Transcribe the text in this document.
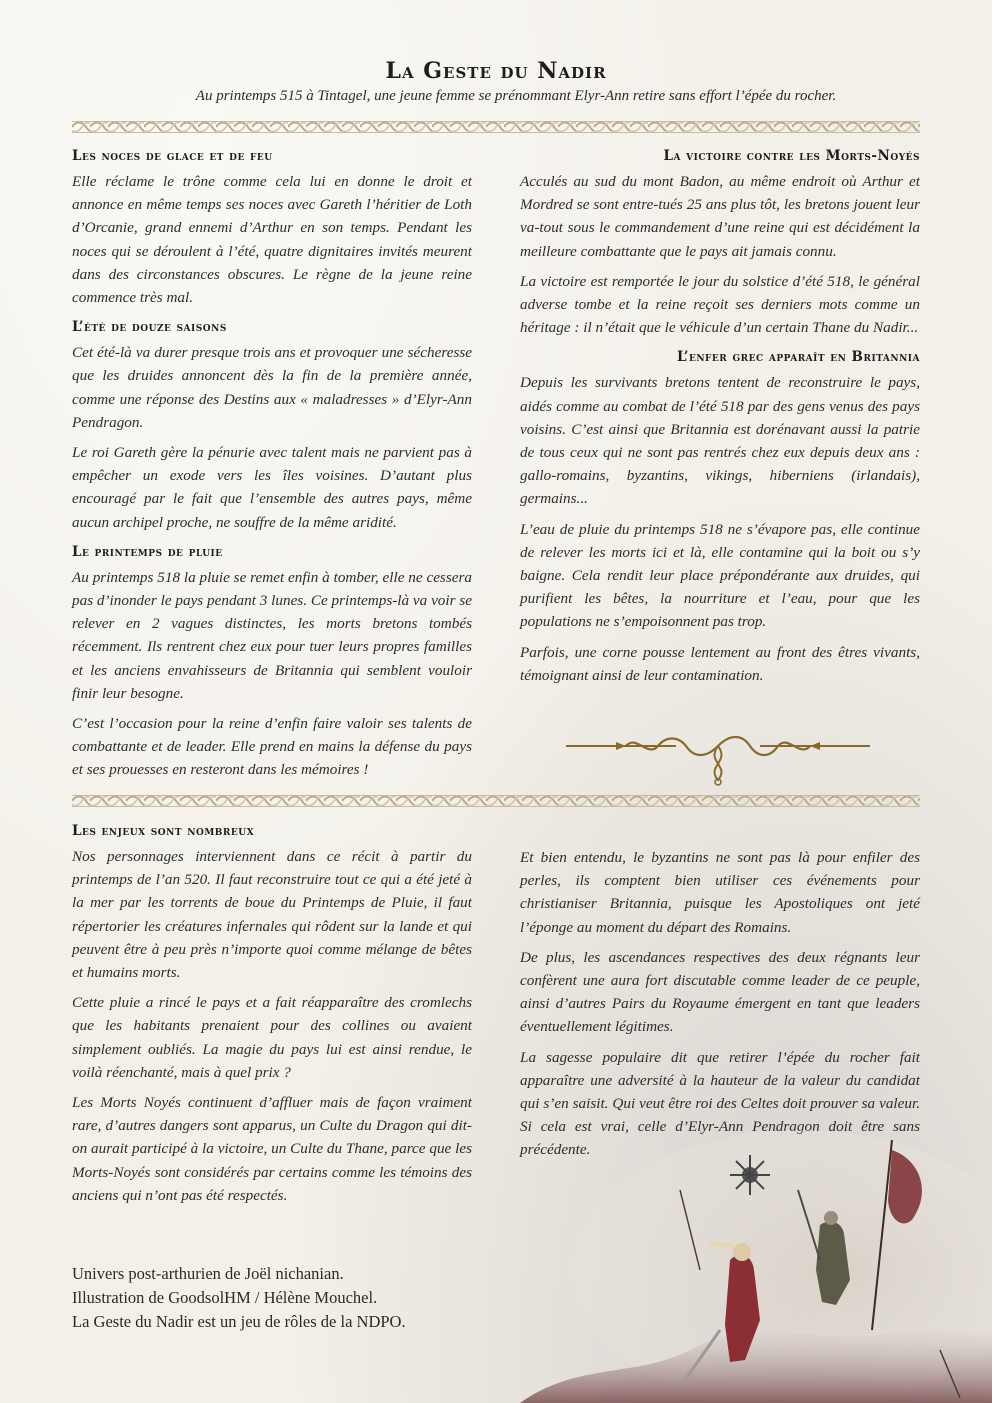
La Geste du Nadir
Au printemps 515 à Tintagel, une jeune femme se prénommant Elyr-Ann retire sans effort l’épée du rocher.
Les noces de glace et de feu

Elle réclame le trône comme cela lui en donne le droit et annonce en même temps ses noces avec Gareth l’héritier de Loth d’Orcanie, grand ennemi d’Arthur en son temps. Pendant les noces qui se déroulent à l’été, quatre dignitaires invités meurent dans des circonstances obscures. Le règne de la jeune reine commence très mal.

L’été de douze saisons

Cet été-là va durer presque trois ans et provoquer une sécheresse que les druides annoncent dès la fin de la première année, comme une réponse des Destins aux « maladresses » d’Elyr-Ann Pendragon.

Le roi Gareth gère la pénurie avec talent mais ne parvient pas à empêcher un exode vers les îles voisines. D’autant plus encouragé par le fait que l’ensemble des autres pays, même aucun archipel proche, ne souffre de la même aridité.

Le printemps de pluie

Au printemps 518 la pluie se remet enfin à tomber, elle ne cessera pas d’inonder le pays pendant 3 lunes. Ce printemps-là va voir se relever en 2 vagues distinctes, les morts bretons tombés récemment. Ils rentrent chez eux pour tuer leurs propres familles et les anciens envahisseurs de Britannia qui semblent vouloir finir leur besogne.

C’est l’occasion pour la reine d’enfin faire valoir ses talents de combattante et de leader. Elle prend en mains la défense du pays et ses prouesses en resteront dans les mémoires !

La victoire contre les Morts-Noyés

Acculés au sud du mont Badon, au même endroit où Arthur et Mordred se sont entre-tués 25 ans plus tôt, les bretons jouent leur va-tout sous le commandement d’une reine qui est décidément la meilleure combattante que le pays ait jamais connu.

La victoire est remportée le jour du solstice d’été 518, le général adverse tombe et la reine reçoit ses derniers mots comme un héritage : il n’était que le véhicule d’un certain Thane du Nadir...

L’enfer grec apparaît en Britannia

Depuis les survivants bretons tentent de reconstruire le pays, aidés comme au combat de l’été 518 par des gens venus des pays voisins. C’est ainsi que Britannia est dorénavant aussi la patrie de tous ceux qui ne sont pas rentrés chez eux depuis deux ans : gallo-romains, byzantins, vikings, hiberniens (irlandais), germains...

L’eau de pluie du printemps 518 ne s’évapore pas, elle continue de relever les morts ici et là, elle contamine qui la boit ou s’y baigne. Cela rendit leur place prépondérante aux druides, qui purifient les bêtes, la nourriture et l’eau, pour que les populations ne s’empoisonnent pas trop.

Parfois, une corne pousse lentement au front des êtres vivants, témoignant ainsi de leur contamination.

Les enjeux sont nombreux

Nos personnages interviennent dans ce récit à partir du printemps de l’an 520. Il faut reconstruire tout ce qui a été jeté à la mer par les torrents de boue du Printemps de Pluie, il faut répertorier les créatures infernales qui rôdent sur la lande et qui peuvent être à peu près n’importe quoi comme mélange de bêtes et humains morts.

Cette pluie a rincé le pays et a fait réapparaître des cromlechs que les habitants prenaient pour des collines ou avaient simplement oubliés. La magie du pays lui est ainsi rendue, le voilà réenchanté, mais à quel prix ?

Les Morts Noyés continuent d’affluer mais de façon vraiment rare, d’autres dangers sont apparus, un Culte du Dragon qui dit-on aurait participé à la victoire, un Culte du Thane, parce que les Morts-Noyés sont considérés par certains comme les témoins des anciens qui n’ont pas été respectés.

Et bien entendu, le byzantins ne sont pas là pour enfiler des perles, ils comptent bien utiliser ces événements pour christianiser Britannia, puisque les Apostoliques ont jeté l’éponge au moment du départ des Romains.

De plus, les ascendances respectives des deux régnants leur confèrent une aura fort discutable comme leader de ce peuple, ainsi d’autres Pairs du Royaume émergent en tant que leaders éventuellement légitimes.

La sagesse populaire dit que retirer l’épée du rocher fait apparaître une adversité à la hauteur de la valeur du candidat qui s’en saisit. Qui veut être roi des Celtes doit prouver sa valeur. Si cela est vrai, celle d’Elyr-Ann Pendragon doit être sans précédente.

Univers post-arthurien de Joël nichanian.
Illustration de GoodsolHM / Hélène Mouchel.
La Geste du Nadir est un jeu de rôles de la NDPO.
